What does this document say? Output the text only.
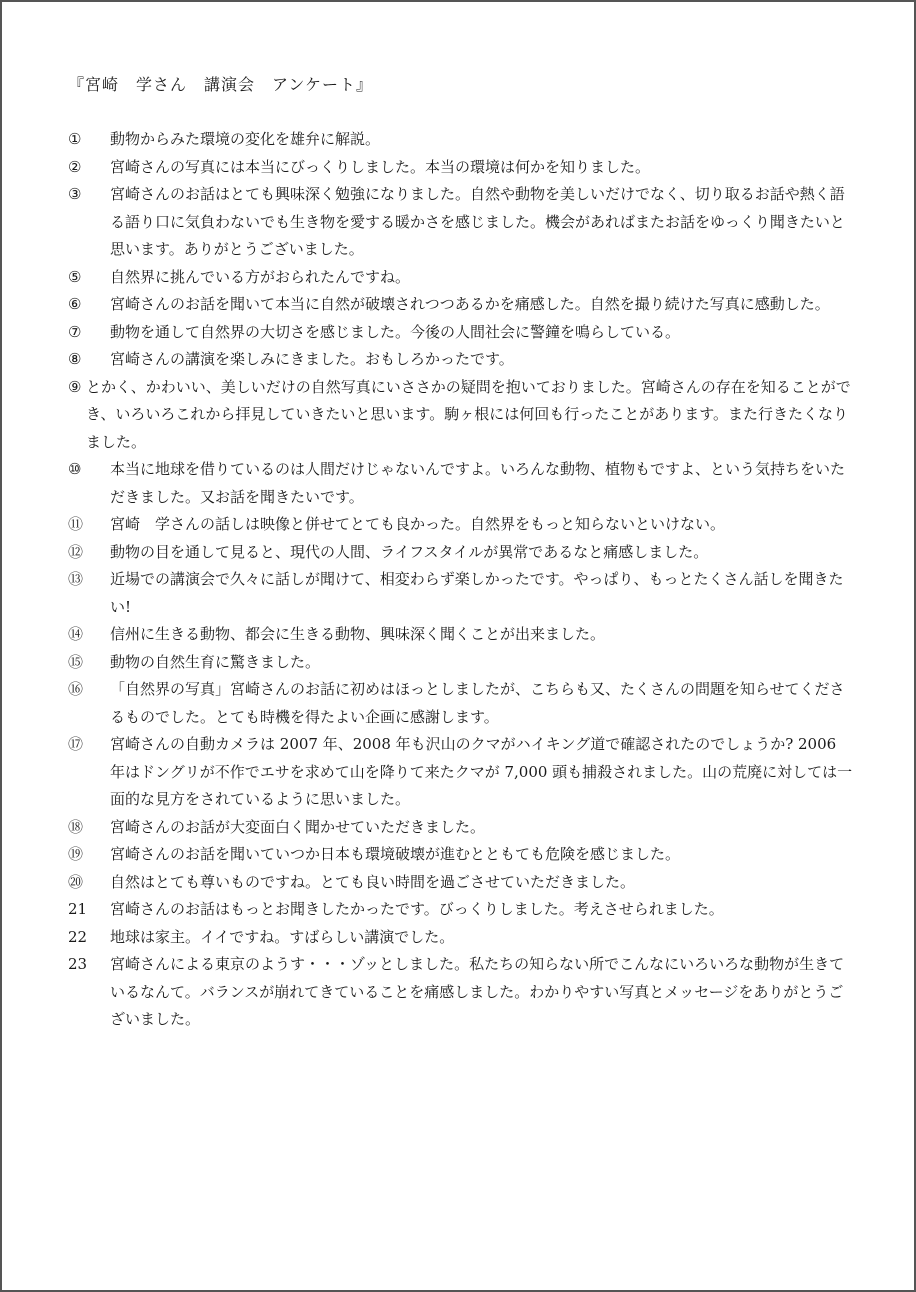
『宮崎　学さん　講演会　アンケート』
①	動物からみた環境の変化を雄弁に解説。
②	宮崎さんの写真には本当にびっくりしました。本当の環境は何かを知りました。
③	宮崎さんのお話はとても興味深く勉強になりました。自然や動物を美しいだけでなく、切り取るお話や熱く語る語り口に気負わないでも生き物を愛する暖かさを感じました。機会があればまたお話をゆっくり聞きたいと思います。ありがとうございました。
⑤	自然界に挑んでいる方がおられたんですね。
⑥	宮崎さんのお話を聞いて本当に自然が破壊されつつあるかを痛感した。自然を撮り続けた写真に感動した。
⑦	動物を通して自然界の大切さを感じました。今後の人間社会に警鐘を鳴らしている。
⑧	宮崎さんの講演を楽しみにきました。おもしろかったです。
⑨ とかく、かわいい、美しいだけの自然写真にいささかの疑問を抱いておりました。宮崎さんの存在を知ることができ、いろいろこれから拝見していきたいと思います。駒ヶ根には何回も行ったことがあります。また行きたくなりました。
⑩	本当に地球を借りているのは人間だけじゃないんですよ。いろんな動物、植物もですよ、という気持ちをいただきました。又お話を聞きたいです。
⑪	宮崎　学さんの話しは映像と併せてとても良かった。自然界をもっと知らないといけない。
⑫	動物の目を通して見ると、現代の人間、ライフスタイルが異常であるなと痛感しました。
⑬	近場での講演会で久々に話しが聞けて、相変わらず楽しかったです。やっぱり、もっとたくさん話しを聞きたい!
⑭	信州に生きる動物、都会に生きる動物、興味深く聞くことが出来ました。
⑮	動物の自然生育に驚きました。
⑯	「自然界の写真」宮崎さんのお話に初めはほっとしましたが、こちらも又、たくさんの問題を知らせてくださるものでした。とても時機を得たよい企画に感謝します。
⑰	宮崎さんの自動カメラは 2007 年、2008 年も沢山のクマがハイキング道で確認されたのでしょうか? 2006 年はドングリが不作でエサを求めて山を降りて来たクマが 7,000 頭も捕殺されました。山の荒廃に対しては一面的な見方をされているように思いました。
⑱	宮崎さんのお話が大変面白く聞かせていただきました。
⑲	宮崎さんのお話を聞いていつか日本も環境破壊が進むとともても危険を感じました。
⑳	自然はとても尊いものですね。とても良い時間を過ごさせていただきました。
21	宮崎さんのお話はもっとお聞きしたかったです。びっくりしました。考えさせられました。
22	地球は家主。イイですね。すばらしい講演でした。
23	宮崎さんによる東京のようす・・・ゾッとしました。私たちの知らない所でこんなにいろいろな動物が生きているなんて。バランスが崩れてきていることを痛感しました。わかりやすい写真とメッセージをありがとうございました。
